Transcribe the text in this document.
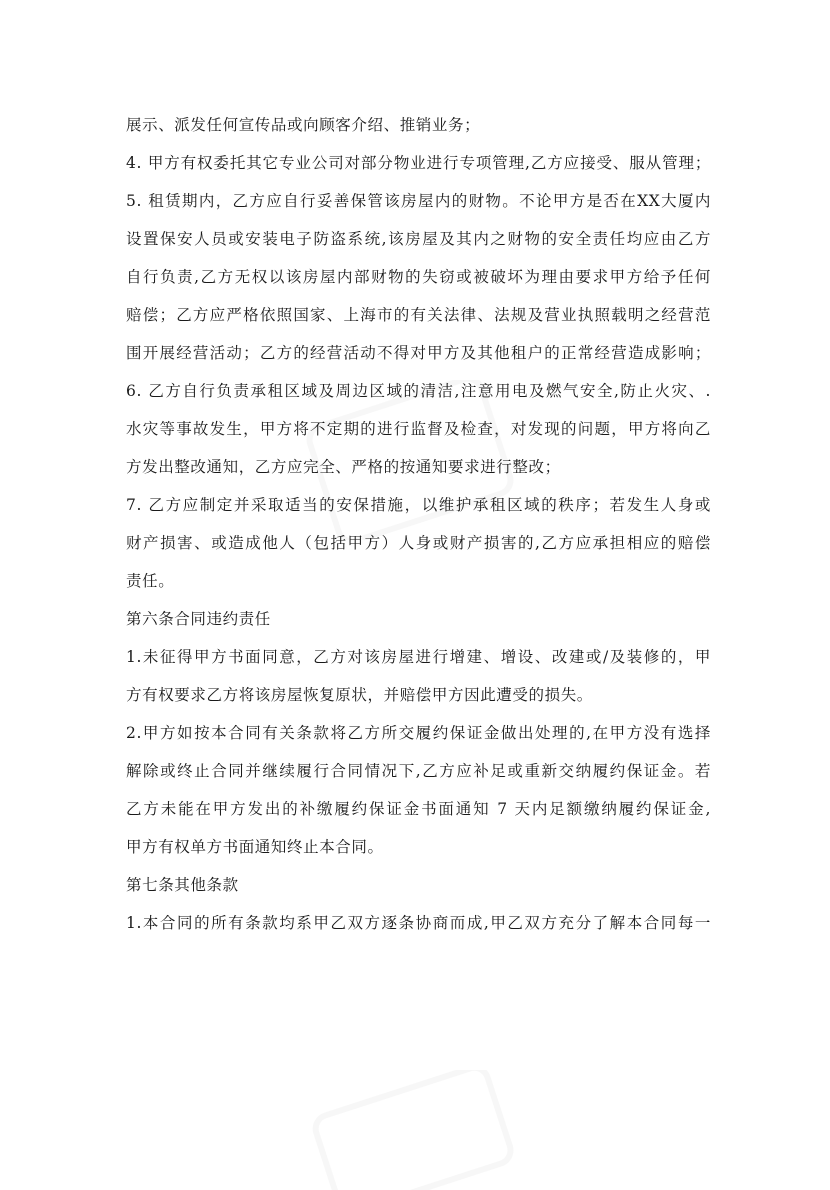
展示、派发任何宣传品或向顾客介绍、推销业务；
4. 甲方有权委托其它专业公司对部分物业进行专项管理,乙方应接受、服从管理；
5. 租赁期内，乙方应自行妥善保管该房屋内的财物。不论甲方是否在XX大厦内
设置保安人员或安装电子防盗系统,该房屋及其内之财物的安全责任均应由乙方
自行负责,乙方无权以该房屋内部财物的失窃或被破坏为理由要求甲方给予任何
赔偿；乙方应严格依照国家、上海市的有关法律、法规及营业执照载明之经营范
围开展经营活动；乙方的经营活动不得对甲方及其他租户的正常经营造成影响；
6. 乙方自行负责承租区域及周边区域的清洁,注意用电及燃气安全,防止火灾、.
水灾等事故发生，甲方将不定期的进行监督及检查，对发现的问题，甲方将向乙
方发出整改通知，乙方应完全、严格的按通知要求进行整改；
7. 乙方应制定并采取适当的安保措施，以维护承租区域的秩序；若发生人身或
财产损害、或造成他人（包括甲方）人身或财产损害的,乙方应承担相应的赔偿
责任。
第六条合同违约责任
1.未征得甲方书面同意，乙方对该房屋进行增建、增设、改建或/及装修的，甲
方有权要求乙方将该房屋恢复原状，并赔偿甲方因此遭受的损失。
2.甲方如按本合同有关条款将乙方所交履约保证金做出处理的,在甲方没有选择
解除或终止合同并继续履行合同情况下,乙方应补足或重新交纳履约保证金。若
乙方未能在甲方发出的补缴履约保证金书面通知 7 天内足额缴纳履约保证金,
甲方有权单方书面通知终止本合同。
第七条其他条款
1.本合同的所有条款均系甲乙双方逐条协商而成,甲乙双方充分了解本合同每一
